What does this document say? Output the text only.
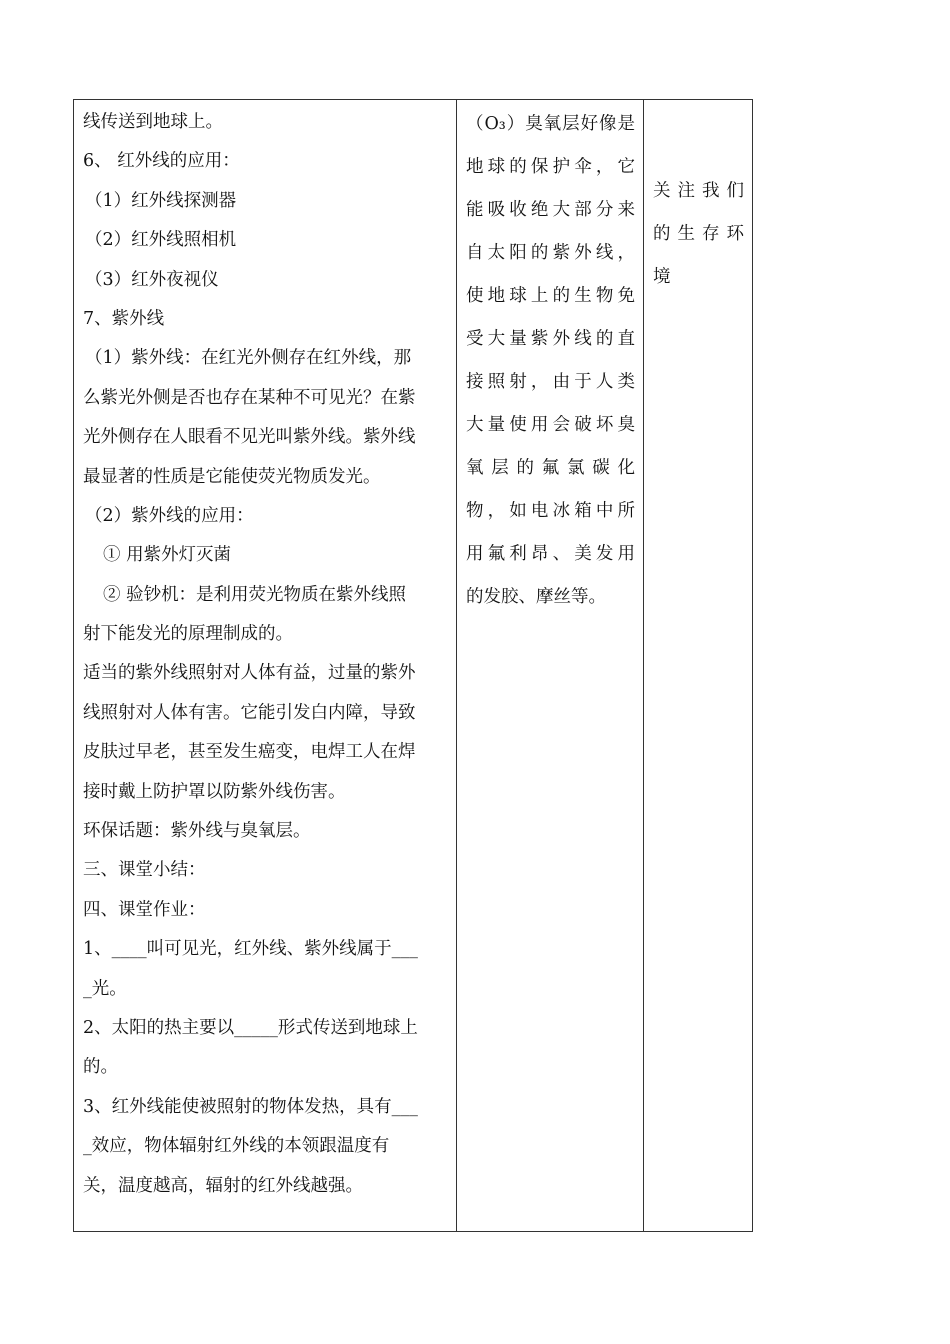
线传送到地球上。
6、 红外线的应用：
（1）红外线探测器
（2）红外线照相机
（3）红外夜视仪
7、紫外线
（1）紫外线：在红光外侧存在红外线，那
么紫光外侧是否也存在某种不可见光？在紫
光外侧存在人眼看不见光叫紫外线。紫外线
最显著的性质是它能使荧光物质发光。
（2）紫外线的应用：
① 用紫外灯灭菌
② 验钞机：是利用荧光物质在紫外线照
射下能发光的原理制成的。
适当的紫外线照射对人体有益，过量的紫外
线照射对人体有害。它能引发白内障，导致
皮肤过早老，甚至发生癌变，电焊工人在焊
接时戴上防护罩以防紫外线伤害。
环保话题：紫外线与臭氧层。
三、课堂小结：
四、课堂作业：
1、____叫可见光，红外线、紫外线属于___
_光。
2、太阳的热主要以_____形式传送到地球上
的。
3、红外线能使被照射的物体发热，具有___
_效应，物体辐射红外线的本领跟温度有
关，温度越高，辐射的红外线越强。

（O₃）臭氧层好像是
地球的保护伞，它
能吸收绝大部分来
自太阳的紫外线，
使地球上的生物免
受大量紫外线的直
接照射，由于人类
大量使用会破坏臭
氧层的氟氯碳化
物，如电冰箱中所
用氟利昂、美发用
的发胶、摩丝等。

关注我们
的生存环
境
